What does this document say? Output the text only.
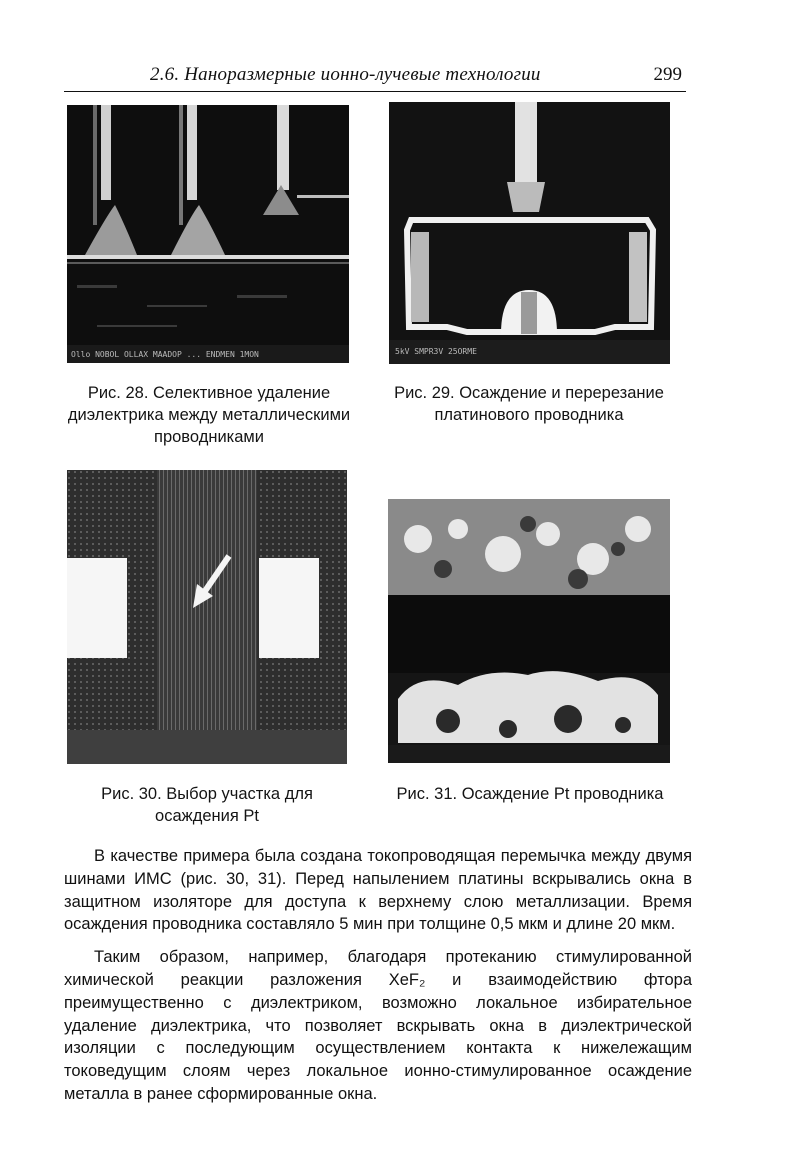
2.6. Наноразмерные ионно-лучевые технологии	299
Ollo NOBOL OLLAX MAADOP ... ENDMEN 1MON	5kV SMPR3V 25ORME
Рис. 28. Селективное удаление диэлектрика между металлическими проводниками
Рис. 29. Осаждение и перерезание платинового проводника
Рис. 30. Выбор участка для осаждения Pt
Рис. 31. Осаждение Pt проводника

В качестве примера была создана токопроводящая перемычка между двумя шинами ИМС (рис. 30, 31). Перед напылением платины вскрывались окна в защитном изоляторе для доступа к верхнему слою металлизации. Время осаждения проводника составляло 5 мин при толщине 0,5 мкм и длине 20 мкм.

Таким образом, например, благодаря протеканию стимулированной химической реакции разложения XeF₂ и взаимодействию фтора преимущественно с диэлектриком, возможно локальное избирательное удаление диэлектрика, что позволяет вскрывать окна в диэлектрической изоляции с последующим осуществлением контакта к нижележащим токоведущим слоям через локальное ионно-стимулированное осаждение металла в ранее сформированные окна.
